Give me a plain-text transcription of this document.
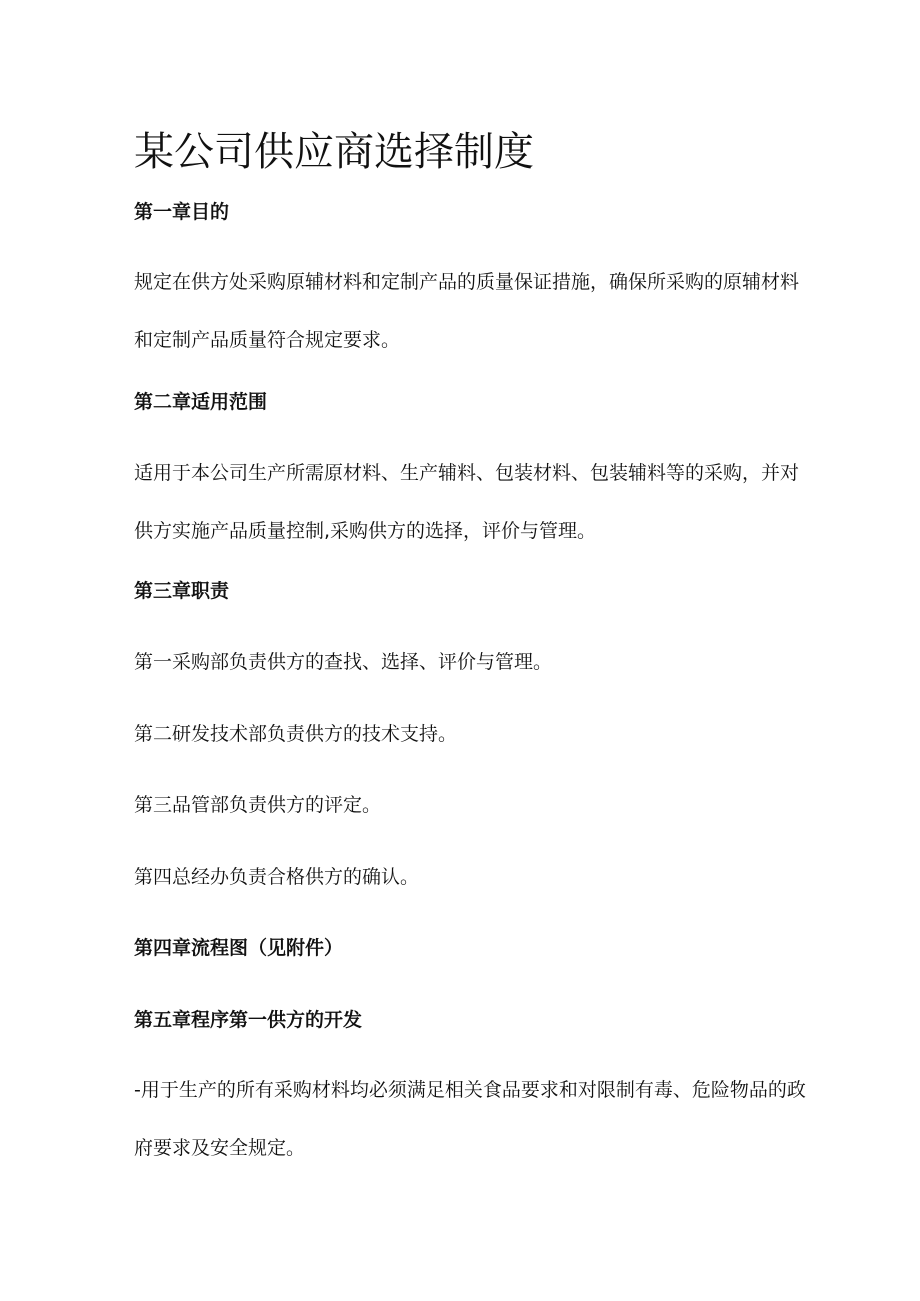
某公司供应商选择制度
第一章目的

规定在供方处采购原辅材料和定制产品的质量保证措施，确保所采购的原辅材料和定制产品质量符合规定要求。

第二章适用范围

适用于本公司生产所需原材料、生产辅料、包装材料、包装辅料等的采购，并对供方实施产品质量控制,采购供方的选择，评价与管理。

第三章职责

第一采购部负责供方的查找、选择、评价与管理。

第二研发技术部负责供方的技术支持。

第三品管部负责供方的评定。

第四总经办负责合格供方的确认。

第四章流程图（见附件）
第五章程序第一供方的开发

-用于生产的所有采购材料均必须满足相关食品要求和对限制有毒、危险物品的政府要求及安全规定。
